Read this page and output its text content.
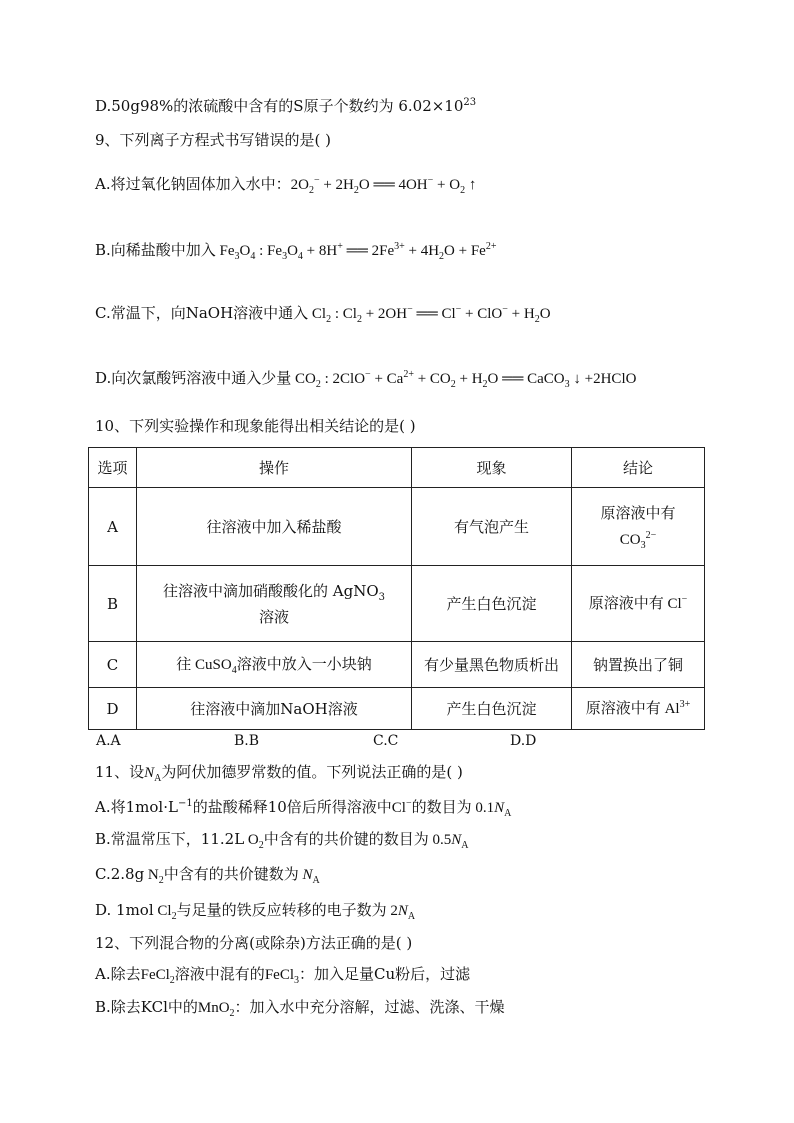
D.50g98%的浓硫酸中含有的S原子个数约为 $6.02\times 10^{23}$
9、下列离子方程式书写错误的是( )
A.将过氧化钠固体加入水中：$2O_2^- + 2H_2O$ ══ $4OH^- + O_2$ ↑
B.向稀盐酸中加入 $Fe_3O_4$ : $Fe_3O_4 + 8H^+$ ══ $2Fe^{3+} + 4H_2O + Fe^{2+}$
C.常温下，向NaOH溶液中通入 $Cl_2$ : $Cl_2 + 2OH^-$ ══ $Cl^- + ClO^- + H_2O$
D.向次氯酸钙溶液中通入少量 $CO_2$ : $2ClO^- + Ca^{2+} + CO_2 + H_2O$ ══ CaCO$_3$ ↓ +2HClO
10、下列实验操作和现象能得出相关结论的是( )
选项	操作	现象	结论
A	往溶液中加入稀盐酸	有气泡产生	原溶液中有
$CO_3^{2-}$
B	往溶液中滴加硝酸酸化的 AgNO$_3$
溶液	产生白色沉淀	原溶液中有 Cl−
C	往 CuSO$_4$溶液中放入一小块钠	有少量黑色物质析出	钠置换出了铜
D	往溶液中滴加NaOH溶液	产生白色沉淀	原溶液中有 $Al^{3+}$
A.A	B.B	C.C	D.D
11、设$N_A$为阿伏加德罗常数的值。下列说法正确的是( )
A.将$1mol\cdot L^{-1}$的盐酸稀释10倍后所得溶液中Cl−的数目为 $0.1N_A$
B.常温常压下，11.2L $O_2$中含有的共价键的数目为 $0.5N_A$
C.2.8g $N_2$中含有的共价键数为 $N_A$
D. 1mol $Cl_2$与足量的铁反应转移的电子数为 $2N_A$
12、下列混合物的分离(或除杂)方法正确的是( )
A.除去FeCl$_2$溶液中混有的FeCl$_3$：加入足量Cu粉后，过滤
B.除去KCl中的MnO$_2$：加入水中充分溶解，过滤、洗涤、干燥
